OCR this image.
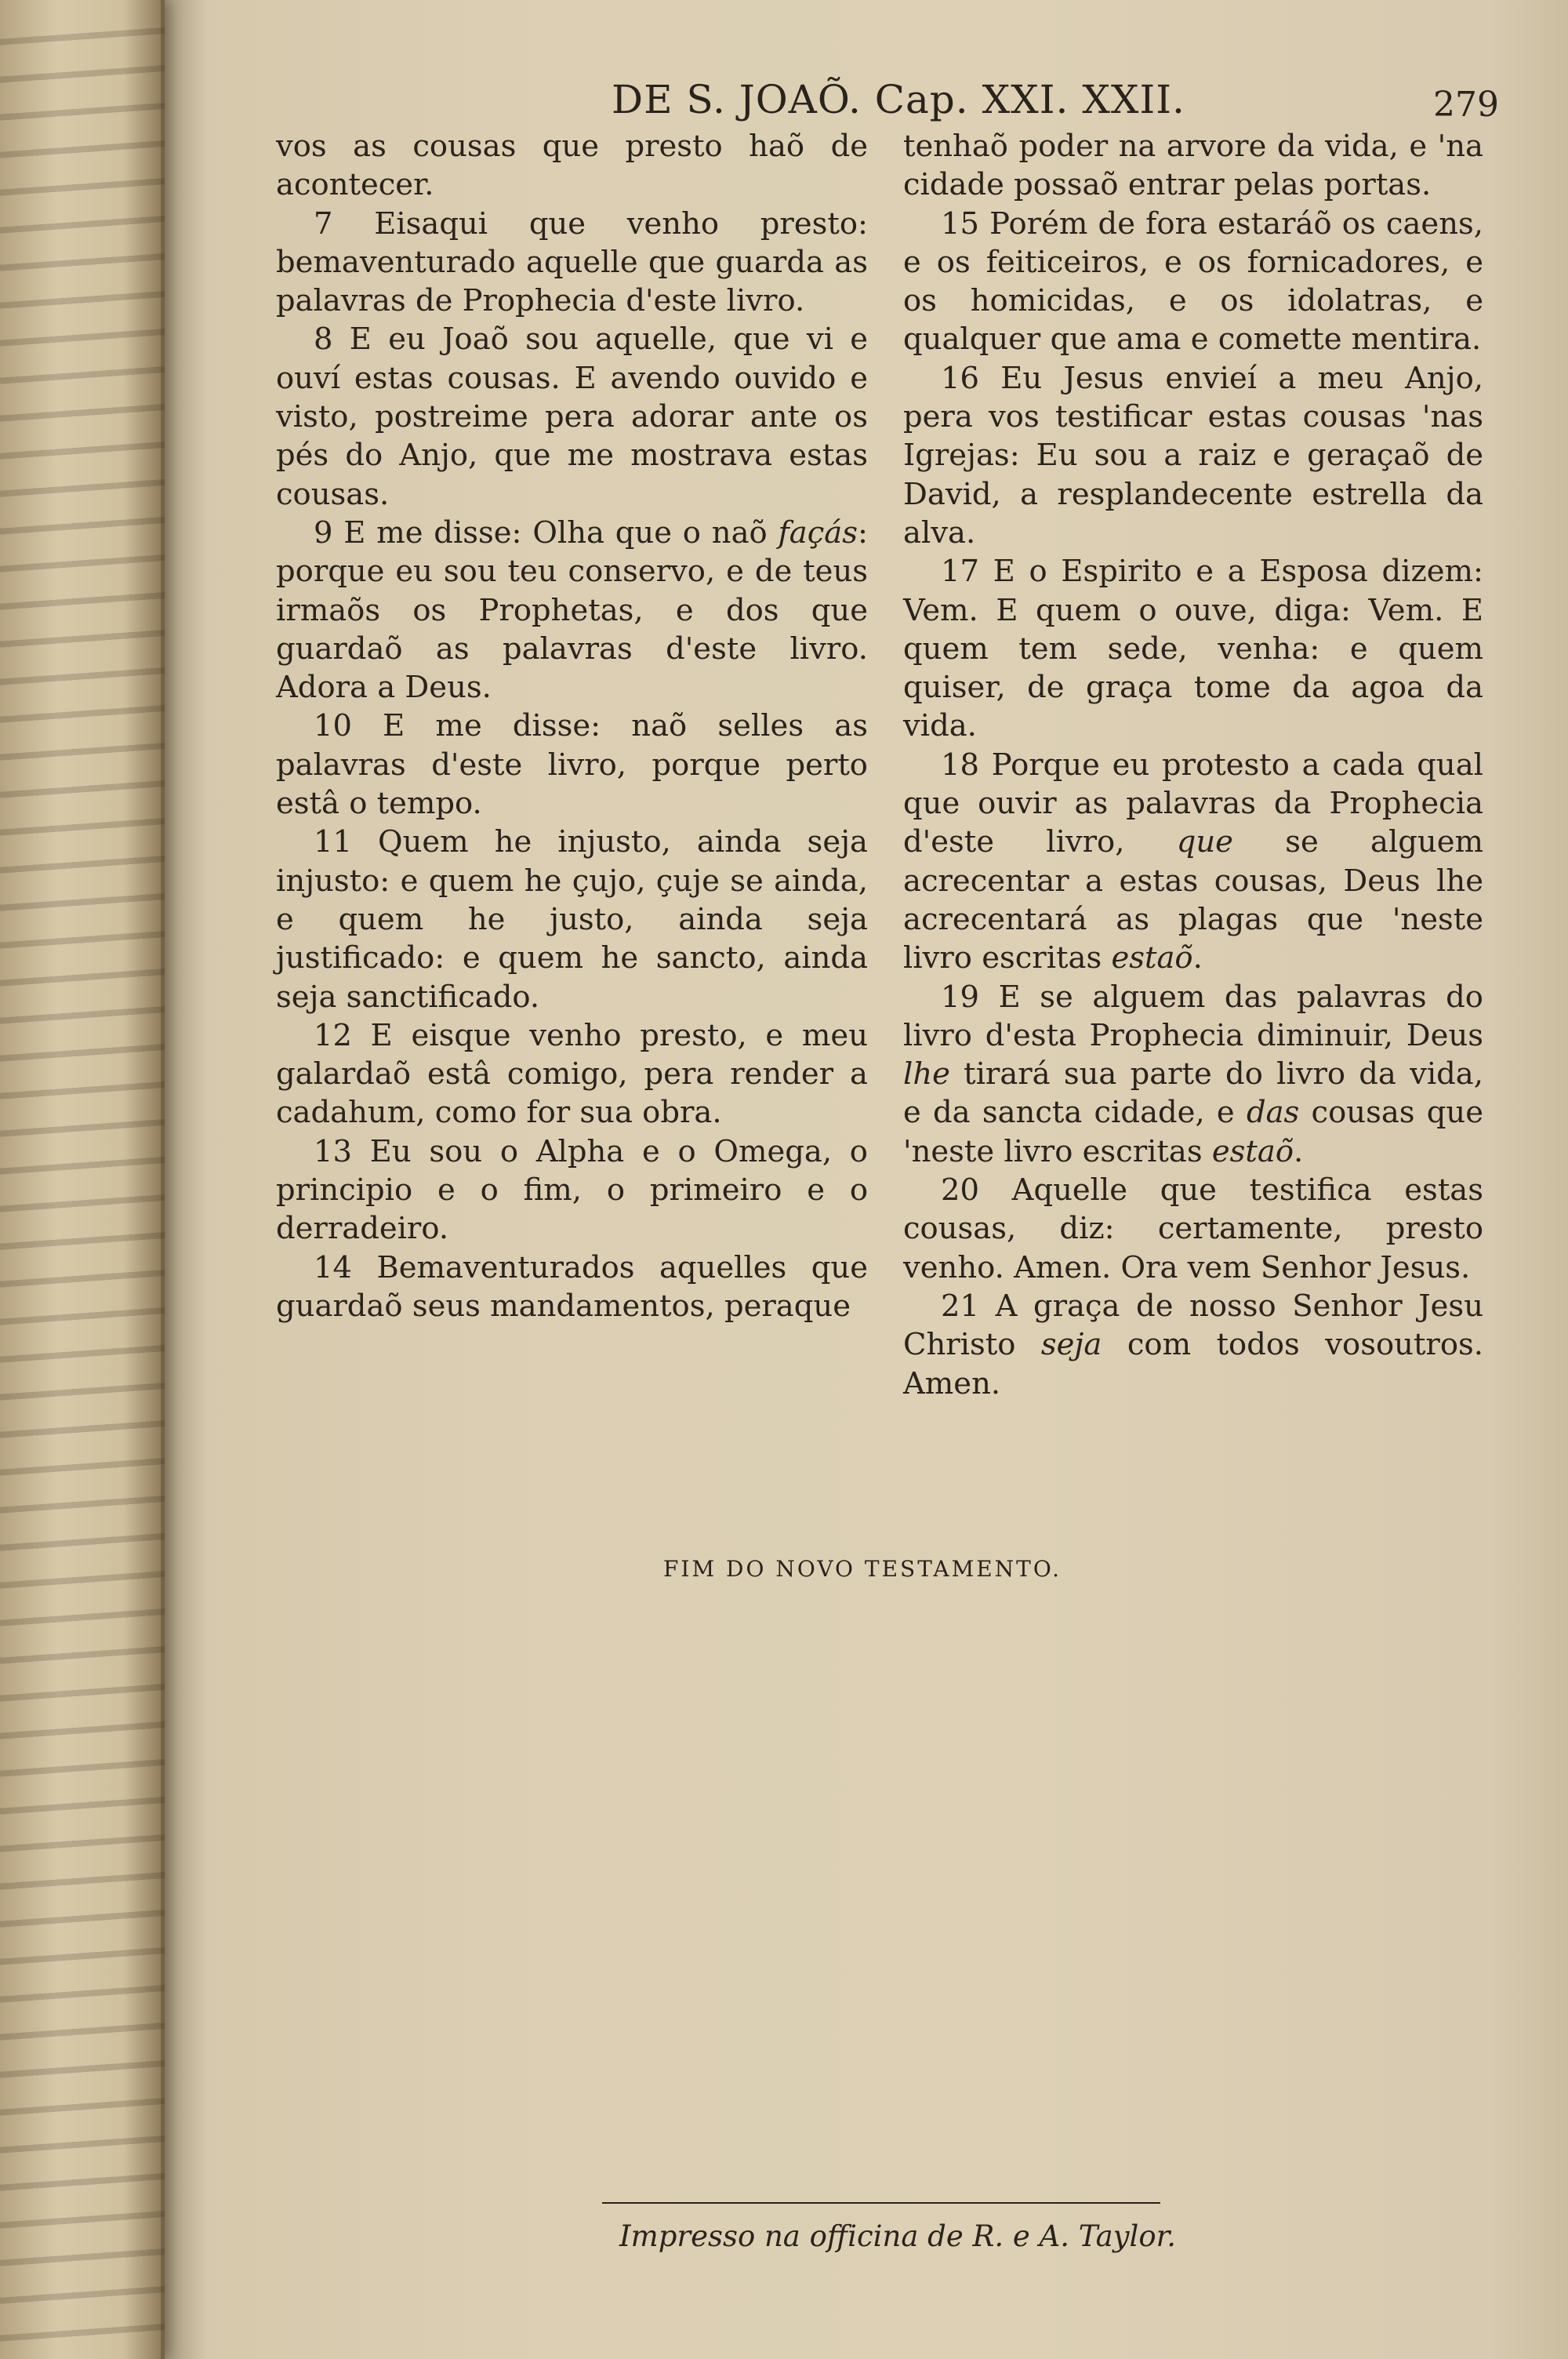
DE S. JOAÕ. Cap. XXI. XXII.	279

vos as cousas que presto haõ de acontecer.

7 Eisaqui que venho presto: bemaventurado aquelle que guarda as palavras de Prophecia d'este livro.

8 E eu Joaõ sou aquelle, que vi e ouví estas cousas. E avendo ouvido e visto, postreime pera adorar ante os pés do Anjo, que me mostrava estas cousas.

9 E me disse: Olha que o naõ façás: porque eu sou teu conservo, e de teus irmaõs os Prophetas, e dos que guardaõ as palavras d'este livro. Adora a Deus.

10 E me disse: naõ selles as palavras d'este livro, porque perto estâ o tempo.

11 Quem he injusto, ainda seja injusto: e quem he çujo, çuje se ainda, e quem he justo, ainda seja justificado: e quem he sancto, ainda seja sanctificado.

12 E eisque venho presto, e meu galardaõ estâ comigo, pera render a cadahum, como for sua obra.

13 Eu sou o Alpha e o Omega, o principio e o fim, o primeiro e o derradeiro.

14 Bemaventurados aquelles que guardaõ seus mandamentos, peraque

tenhaõ poder na arvore da vida, e 'na cidade possaõ entrar pelas portas.

15 Porém de fora estaráõ os caens, e os feiticeiros, e os fornicadores, e os homicidas, e os idolatras, e qualquer que ama e comette mentira.

16 Eu Jesus envieí a meu Anjo, pera vos testificar estas cousas 'nas Igrejas: Eu sou a raiz e geraçaõ de David, a resplandecente estrella da alva.

17 E o Espirito e a Esposa dizem: Vem. E quem o ouve, diga: Vem. E quem tem sede, venha: e quem quiser, de graça tome da agoa da vida.

18 Porque eu protesto a cada qual que ouvir as palavras da Prophecia d'este livro, que se alguem acrecentar a estas cousas, Deus lhe acrecentará as plagas que 'neste livro escritas estaõ.

19 E se alguem das palavras do livro d'esta Prophecia diminuir, Deus lhe tirará sua parte do livro da vida, e da sancta cidade, e das cousas que 'neste livro escritas estaõ.

20 Aquelle que testifica estas cousas, diz: certamente, presto venho. Amen. Ora vem Senhor Jesus.

21 A graça de nosso Senhor Jesu Christo seja com todos vosoutros. Amen.

FIM DO NOVO TESTAMENTO.
Impresso na officina de R. e A. Taylor.
